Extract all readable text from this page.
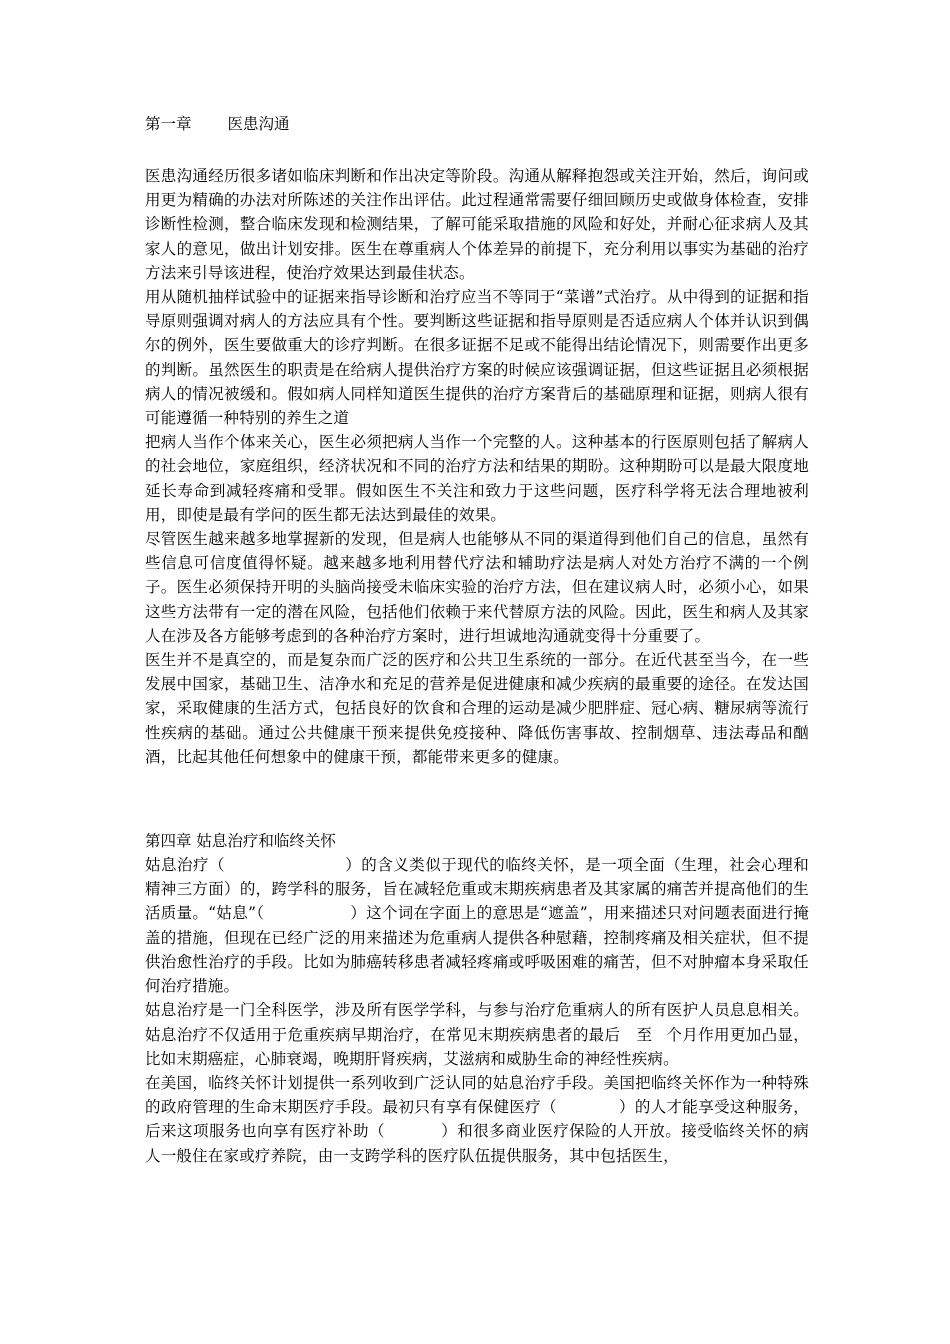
第一章 医患沟通

医患沟通经历很多诸如临床判断和作出决定等阶段。沟通从解释抱怨或关注开始，然后，询问或用更为精确的办法对所陈述的关注作出评估。此过程通常需要仔细回顾历史或做身体检查，安排诊断性检测，整合临床发现和检测结果，了解可能采取措施的风险和好处，并耐心征求病人及其家人的意见，做出计划安排。医生在尊重病人个体差异的前提下，充分利用以事实为基础的治疗方法来引导该进程，使治疗效果达到最佳状态。

用从随机抽样试验中的证据来指导诊断和治疗应当不等同于“菜谱”式治疗。从中得到的证据和指导原则强调对病人的方法应具有个性。要判断这些证据和指导原则是否适应病人个体并认识到偶尔的例外，医生要做重大的诊疗判断。在很多证据不足或不能得出结论情况下，则需要作出更多的判断。虽然医生的职责是在给病人提供治疗方案的时候应该强调证据，但这些证据且必须根据病人的情况被缓和。假如病人同样知道医生提供的治疗方案背后的基础原理和证据，则病人很有可能遵循一种特别的养生之道

把病人当作个体来关心，医生必须把病人当作一个完整的人。这种基本的行医原则包括了解病人的社会地位，家庭组织，经济状况和不同的治疗方法和结果的期盼。这种期盼可以是最大限度地延长寿命到减轻疼痛和受罪。假如医生不关注和致力于这些问题，医疗科学将无法合理地被利用，即使是最有学问的医生都无法达到最佳的效果。

尽管医生越来越多地掌握新的发现，但是病人也能够从不同的渠道得到他们自己的信息，虽然有些信息可信度值得怀疑。越来越多地利用替代疗法和辅助疗法是病人对处方治疗不满的一个例子。医生必须保持开明的头脑尚接受未临床实验的治疗方法，但在建议病人时，必须小心，如果这些方法带有一定的潜在风险，包括他们依赖于来代替原方法的风险。因此，医生和病人及其家人在涉及各方能够考虑到的各种治疗方案时，进行坦诚地沟通就变得十分重要了。

医生并不是真空的，而是复杂而广泛的医疗和公共卫生系统的一部分。在近代甚至当今，在一些发展中国家，基础卫生、洁净水和充足的营养是促进健康和减少疾病的最重要的途径。在发达国家，采取健康的生活方式，包括良好的饮食和合理的运动是减少肥胖症、冠心病、糖尿病等流行性疾病的基础。通过公共健康干预来提供免疫接种、降低伤害事故、控制烟草、违法毒品和酗酒，比起其他任何想象中的健康干预，都能带来更多的健康。

第四章 姑息治疗和临终关怀

姑息治疗（	）的含义类似于现代的临终关怀，是一项全面（生理，社会心理和精神三方面）的，跨学科的服务，旨在减轻危重或末期疾病患者及其家属的痛苦并提高他们的生活质量。“姑息”（	）这个词在字面上的意思是“遮盖”，用来描述只对问题表面进行掩盖的措施，但现在已经广泛的用来描述为危重病人提供各种慰藉，控制疼痛及相关症状，但不提供治愈性治疗的手段。比如为肺癌转移患者减轻疼痛或呼吸困难的痛苦，但不对肿瘤本身采取任何治疗措施。

姑息治疗是一门全科医学，涉及所有医学学科，与参与治疗危重病人的所有医护人员息息相关。姑息治疗不仅适用于危重疾病早期治疗，在常见末期疾病患者的最后 至 个月作用更加凸显，比如末期癌症，心肺衰竭，晚期肝肾疾病，艾滋病和威胁生命的神经性疾病。

在美国，临终关怀计划提供一系列收到广泛认同的姑息治疗手段。美国把临终关怀作为一种特殊的政府管理的生命末期医疗手段。最初只有享有保健医疗（	）的人才能享受这种服务，后来这项服务也向享有医疗补助（	）和很多商业医疗保险的人开放。接受临终关怀的病人一般住在家或疗养院，由一支跨学科的医疗队伍提供服务，其中包括医生，
